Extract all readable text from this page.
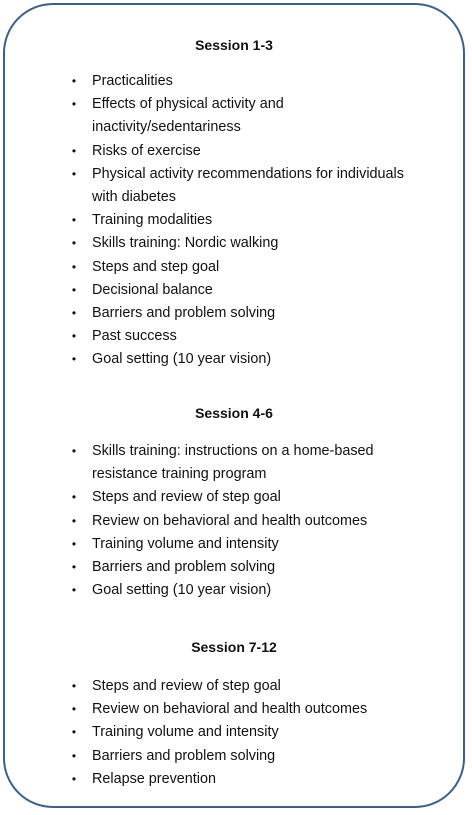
Session 1-3
•	Practicalities
•	Effects of physical activity and
inactivity/sedentariness
•	Risks of exercise
•	Physical activity recommendations for individuals
with diabetes
•	Training modalities
•	Skills training: Nordic walking
•	Steps and step goal
•	Decisional balance
•	Barriers and problem solving
•	Past success
•	Goal setting (10 year vision)
Session 4-6
•	Skills training: instructions on a home-based
resistance training program
•	Steps and review of step goal
•	Review on behavioral and health outcomes
•	Training volume and intensity
•	Barriers and problem solving
•	Goal setting (10 year vision)
Session 7-12
•	Steps and review of step goal
•	Review on behavioral and health outcomes
•	Training volume and intensity
•	Barriers and problem solving
•	Relapse prevention
